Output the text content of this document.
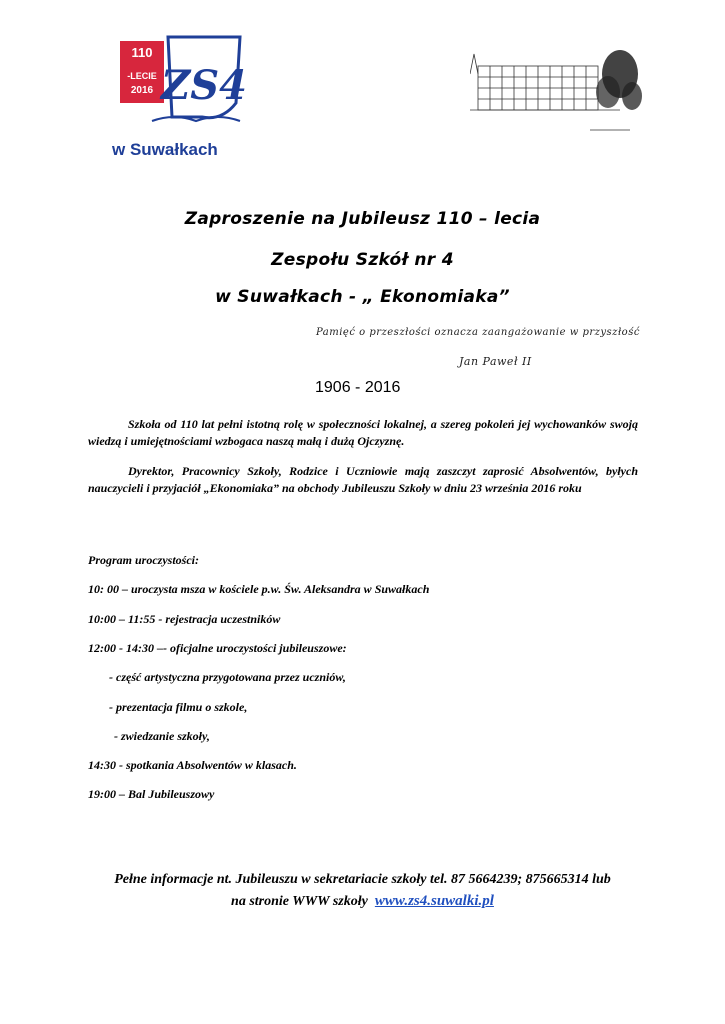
110
-LECIE
2016 ZS4
w Suwałkach
Zaproszenie na Jubileusz 110 – lecia
Zespołu Szkół nr 4
w Suwałkach - „ Ekonomiaka”
Pamięć o przeszłości oznacza zaangażowanie w przyszłość
Jan Paweł II
1906 - 2016
Szkoła od 110 lat pełni istotną rolę w społeczności lokalnej, a szereg pokoleń jej wychowanków swoją wiedzą i umiejętnościami wzbogaca naszą małą i dużą Ojczyznę.
Dyrektor, Pracownicy Szkoły, Rodzice i Uczniowie mają zaszczyt zaprosić Absolwentów, byłych nauczycieli i przyjaciół „Ekonomiaka” na obchody Jubileuszu Szkoły w dniu 23 września 2016 roku
Program uroczystości:
10: 00 – uroczysta msza w kościele p.w. Św. Aleksandra w Suwałkach
10:00 – 11:55 - rejestracja uczestników
12:00 - 14:30 –- oficjalne uroczystości jubileuszowe:
- część artystyczna przygotowana przez uczniów,
- prezentacja filmu o szkole,
- zwiedzanie szkoły,
14:30 - spotkania Absolwentów w klasach.
19:00 – Bal Jubileuszowy
Pełne informacje nt. Jubileuszu w sekretariacie szkoły tel. 87 5664239; 875665314 lub
na stronie WWW szkoły www.zs4.suwalki.pl
